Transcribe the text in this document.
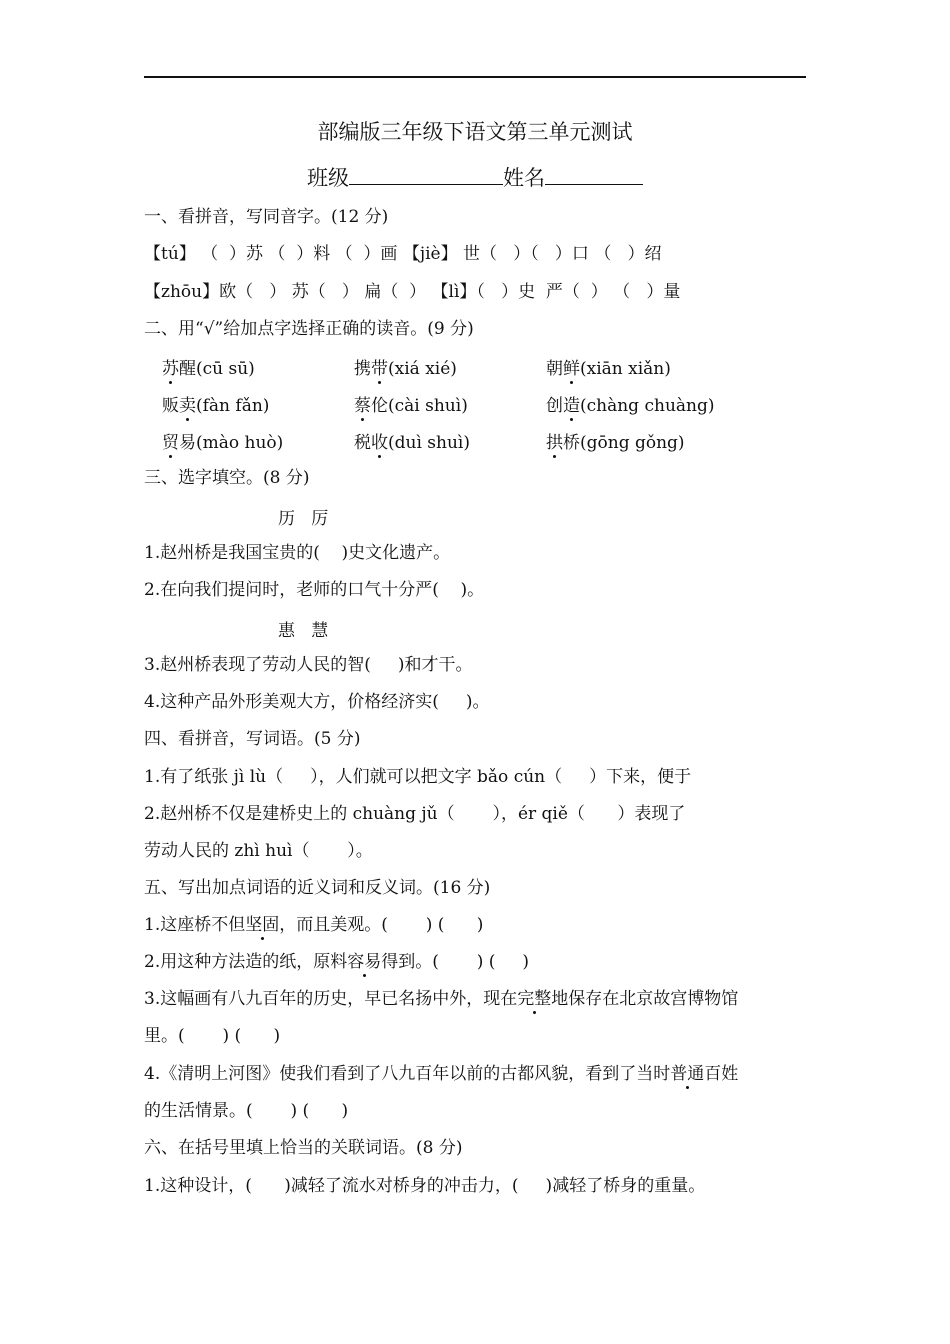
部编版三年级下语文第三单元测试
班级	姓名
一、看拼音，写同音字。(12 分)
【tú】 （  ）苏 （  ）料 （  ）画 【jiè】 世（   ）（   ）口 （   ）绍
【zhōu】欧（   ） 苏（   ） 扁（  ） 【lì】（   ）史  严（  ） （   ）量
二、用“√”给加点字选择正确的读音。(9 分)
苏醒(cū sū)	携带(xiá xié)	朝鲜(xiān xiǎn)
贩卖(fàn fǎn)	蔡伦(cài shuì)	创造(chàng chuàng)
贸易(mào huò)	税收(duì shuì)	拱桥(gōng gǒng)
三、选字填空。(8 分)
历   厉
1.赵州桥是我国宝贵的(    )史文化遗产。
2.在向我们提问时，老师的口气十分严(    )。
惠   慧
3.赵州桥表现了劳动人民的智(     )和才干。
4.这种产品外形美观大方，价格经济实(     )。
四、看拼音，写词语。(5 分)
1.有了纸张 jì lù（     ），人们就可以把文字 bǎo cún（     ）下来，便于
2.赵州桥不仅是建桥史上的 chuàng jǔ（       ），ér qiě（      ）表现了
劳动人民的 zhì huì（       ）。
五、写出加点词语的近义词和反义词。(16 分)
1.这座桥不但坚固，而且美观。(       ) (      )
2.用这种方法造的纸，原料容易得到。(       ) (     )
3.这幅画有八九百年的历史，早已名扬中外，现在完整地保存在北京故宫博物馆
里。(       ) (      )
4.《清明上河图》使我们看到了八九百年以前的古都风貌，看到了当时普通百姓
的生活情景。(       ) (      )
六、在括号里填上恰当的关联词语。(8 分)
1.这种设计，(      )减轻了流水对桥身的冲击力，(     )减轻了桥身的重量。
